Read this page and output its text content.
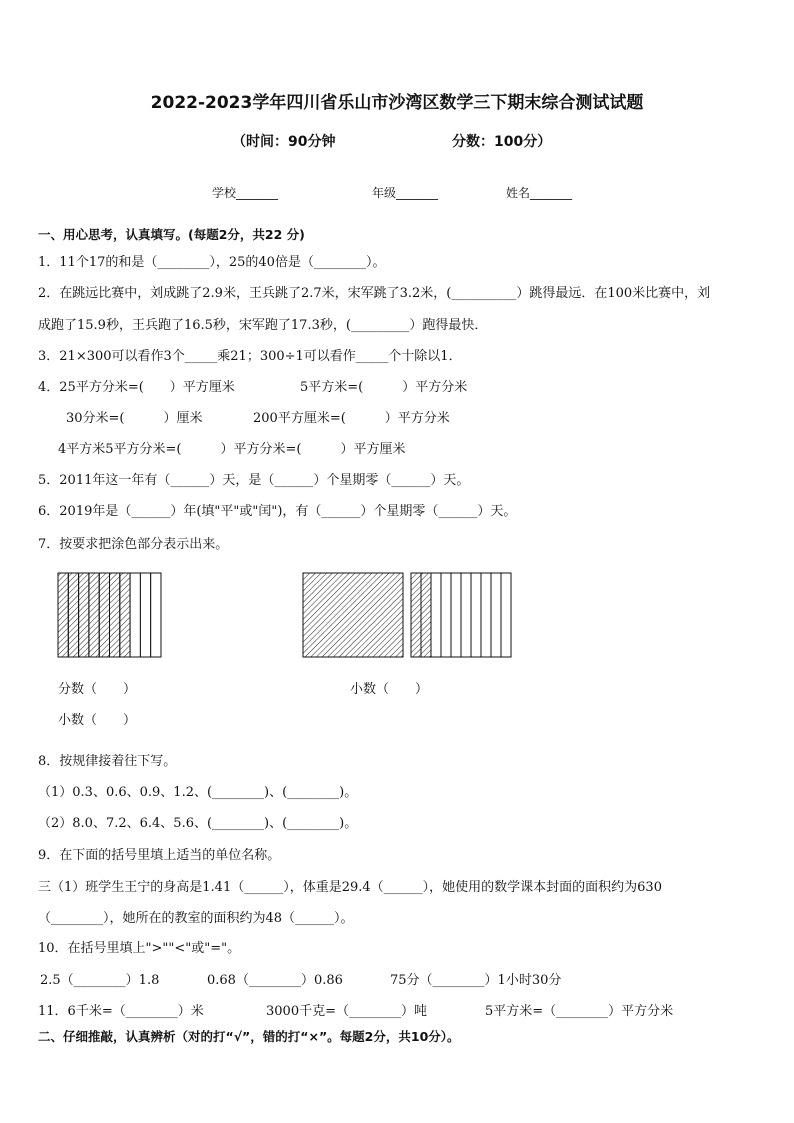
2022-2023学年四川省乐山市沙湾区数学三下期末综合测试试题
（时间：90分钟	分数：100分）
学校_______	年级_______	姓名_______
一、用心思考，认真填写。(每题2分，共22 分)
1．11个17的和是（________），25的40倍是（________）。
2．在跳远比赛中，刘成跳了2.9米，王兵跳了2.7米，宋军跳了3.2米，(__________）跳得最远．在100米比赛中，刘
成跑了15.9秒，王兵跑了16.5秒，宋军跑了17.3秒，(_________）跑得最快．
3．21×300可以看作3个_____乘21；300÷1可以看作_____个十除以1．
4．25平方分米=(　　）平方厘米	5平方米=(　　　）平方分米
30分米=(　　　）厘米	200平方厘米=(　　　）平方分米
4平方米5平方分米=(　　　）平方分米=(　　　）平方厘米
5．2011年这一年有（______）天，是（______）个星期零（______）天。
6．2019年是（______）年(填"平"或"闰")，有（______）个星期零（______）天。
7．按要求把涂色部分表示出来。
分数（　　）	小数（　　）
小数（　　）
8．按规律接着往下写。
（1）0.3、0.6、0.9、1.2、(________)、(________)。
（2）8.0、7.2、6.4、5.6、(________)、(________)。
9．在下面的括号里填上适当的单位名称。
三（1）班学生王宁的身高是1.41（______），体重是29.4（______），她使用的数学课本封面的面积约为630
（________），她所在的教室的面积约为48（______）。
10．在括号里填上">""<"或"="。
2.5（________）1.8	0.68（________）0.86	75分（________）1小时30分
11．6千米=（________）米	3000千克=（________）吨	5平方米=（________）平方分米
二、仔细推敲，认真辨析（对的打“√”，错的打“×”。每题2分，共10分）。
